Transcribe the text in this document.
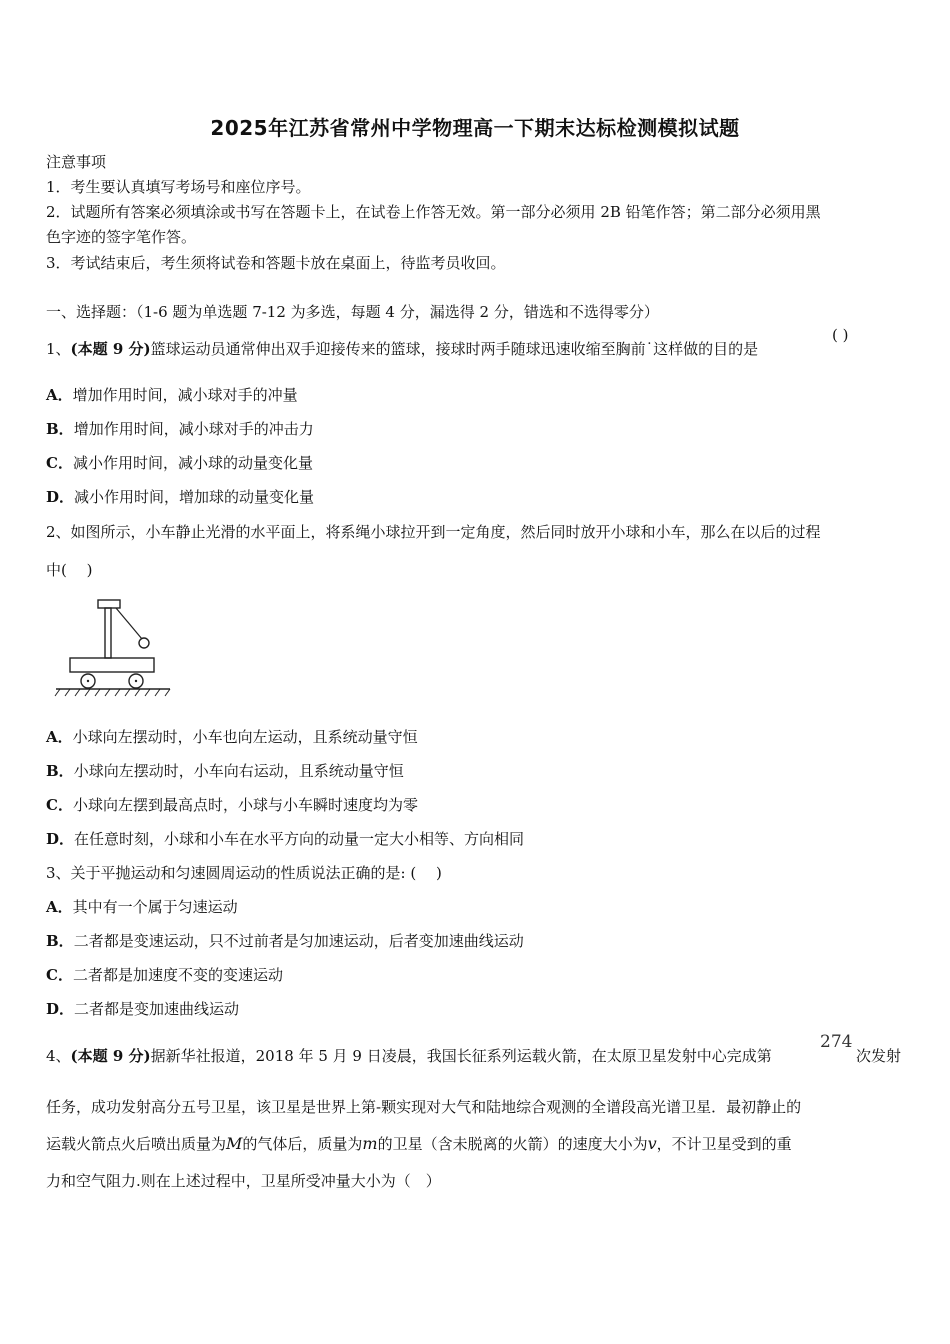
2025年江苏省常州中学物理高一下期末达标检测模拟试题
注意事项
1．考生要认真填写考场号和座位序号。
2．试题所有答案必须填涂或书写在答题卡上，在试卷上作答无效。第一部分必须用 2B 铅笔作答；第二部分必须用黑
色字迹的签字笔作答。
3．考试结束后，考生须将试卷和答题卡放在桌面上，待监考员收回。
一、选择题：（1-6 题为单选题 7-12 为多选，每题 4 分，漏选得 2 分，错选和不选得零分）
1、(本题 9 分)篮球运动员通常伸出双手迎接传来的篮球，接球时两手随球迅速收缩至胸前˙这样做的目的是
( )
A．增加作用时间，减小球对手的冲量
B．增加作用时间，减小球对手的冲击力
C．减小作用时间，减小球的动量变化量
D．减小作用时间，增加球的动量变化量
2、如图所示，小车静止光滑的水平面上，将系绳小球拉开到一定角度，然后同时放开小球和小车，那么在以后的过程
中(　 )
A．小球向左摆动时，小车也向左运动，且系统动量守恒
B．小球向左摆动时，小车向右运动，且系统动量守恒
C．小球向左摆到最高点时，小球与小车瞬时速度均为零
D．在任意时刻，小球和小车在水平方向的动量一定大小相等、方向相同
3、关于平抛运动和匀速圆周运动的性质说法正确的是: (　 )
A．其中有一个属于匀速运动
B．二者都是变速运动，只不过前者是匀加速运动，后者变加速曲线运动
C．二者都是加速度不变的变速运动
D．二者都是变加速曲线运动
4、(本题 9 分)据新华社报道，2018 年 5 月 9 日凌晨，我国长征系列运载火箭，在太原卫星发射中心完成第
274
次发射
任务，成功发射高分五号卫星，该卫星是世界上第-颗实现对大气和陆地综合观测的全谱段高光谱卫星．最初静止的
运载火箭点火后喷出质量为M的气体后，质量为m的卫星（含未脱离的火箭）的速度大小为v，不计卫星受到的重
力和空气阻力.则在上述过程中，卫星所受冲量大小为（　）
